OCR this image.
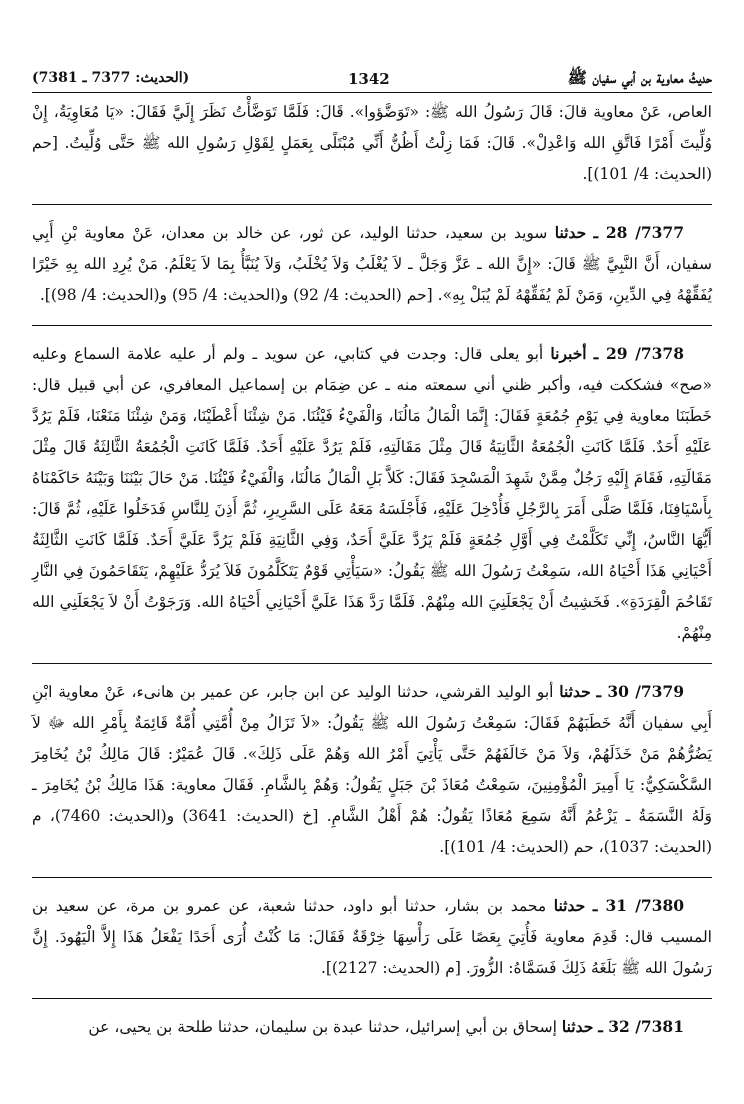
حديثُ معاوية بن أبي سفيان ﷺ
1342
(الحديث: 7377 ـ 7381)

العاص، عَنْ معاوية قالَ: قَالَ رَسُولُ الله ﷺ: «تَوَضَّؤوا». قَالَ: فَلَمَّا تَوَضَّأْتُ نَظَرَ إِلَيَّ فَقَالَ: «يَا مُعَاوِيَةُ، إِنْ وُلِّيتَ أَمْرًا فَاتَّقِ الله وَاعْدِلْ». قَالَ: فَمَا زِلْتُ أَظُنُّ أَنِّي مُبْتَلًى بِعَمَلٍ لِقَوْلِ رَسُولِ الله ﷺ حَتَّى وُلِّيتُ. [حم (الحديث: 4/ 101)].

7377/ 28 ـ حدثنا سويد بن سعيد، حدثنا الوليد، عن ثور، عن خالد بن معدان، عَنْ معاوية بْنِ أَبِي سفيان، أَنَّ النَّبِيَّ ﷺ قَالَ: «إِنَّ الله ـ عَزَّ وَجَلَّ ـ لاَ يُغْلَبُ وَلاَ يُخْلَبُ، وَلاَ يُنَبَّأُ بِمَا لاَ يَعْلَمُ. مَنْ يُرِدِ الله بِهِ خَيْرًا يُفَقِّهْهُ فِي الدِّينِ، وَمَنْ لَمْ يُفَقِّهْهُ لَمْ يُبَلْ بِهِ». [حم (الحديث: 4/ 92) و(الحديث: 4/ 95) و(الحديث: 4/ 98)].

7378/ 29 ـ أخبرنا أبو يعلى قال: وجدت في كتابي، عن سويد ـ ولم أر عليه علامة السماع وعليه «صح» فشككت فيه، وأكبر ظني أني سمعته منه ـ عن ضِمَام بن إسماعيل المعافري، عن أبي قبيل قال: خَطَبَنَا معاوية فِي يَوْمِ جُمُعَةٍ فَقَالَ: إِنَّمَا الْمَالُ مَالُنَا، وَالْفَيْءُ فَيْئُنَا. مَنْ شِئْنَا أَعْطَيْنَا، وَمَنْ شِئْنَا مَنَعْنَا، فَلَمْ يَرُدَّ عَلَيْهِ أَحَدٌ. فَلَمَّا كَانَتِ الْجُمُعَةُ الثَّانِيَةُ قَالَ مِثْلَ مَقَالَتِهِ، فَلَمْ يَرُدَّ عَلَيْهِ أَحَدٌ. فَلَمَّا كَانَتِ الْجُمُعَةُ الثَّالِثَةُ قَالَ مِثْلَ مَقَالَتِهِ، فَقَامَ إِلَيْهِ رَجُلٌ مِمَّنْ شَهِدَ الْمَسْجِدَ فَقَالَ: كَلاَّ بَلِ الْمَالُ مَالُنَا، وَالْفَيْءُ فَيْئُنَا. مَنْ حَالَ بَيْنَنَا وَبَيْنَهُ حَاكَمْنَاهُ بِأَسْيَافِنَا، فَلَمَّا صَلَّى أَمَرَ بِالرَّجُلِ فَأُدْخِلَ عَلَيْهِ، فَأَجْلَسَهُ مَعَهُ عَلَى السَّرِيرِ، ثُمَّ أَذِنَ لِلنَّاسِ فَدَخَلُوا عَلَيْهِ، ثُمَّ قَالَ: أَيُّهَا النَّاسُ، إِنِّي تَكَلَّمْتُ فِي أَوَّلِ جُمُعَةٍ فَلَمْ يَرُدَّ عَلَيَّ أَحَدٌ، وَفِي الثَّانِيَةِ فَلَمْ يَرُدَّ عَلَيَّ أَحَدٌ. فَلَمَّا كَانَتِ الثَّالِثَةُ أَحْيَانِي هَذَا أَحْيَاهُ الله، سَمِعْتُ رَسُولَ الله ﷺ يَقُولُ: «سَيَأْتِي قَوْمٌ يَتَكَلَّمُونَ فَلاَ يُرَدُّ عَلَيْهِمْ، يَتَقَاحَمُونَ فِي النَّارِ تَقَاحُمَ الْقِرَدَةِ». فَخَشِيتُ أَنْ يَجْعَلَنِيَ الله مِنْهُمْ. فَلَمَّا رَدَّ هَذَا عَلَيَّ أَحْيَانِي أَحْيَاهُ الله. وَرَجَوْتُ أَنْ لاَ يَجْعَلَنِي الله مِنْهُمْ.

7379/ 30 ـ حدثنا أبو الوليد القرشي، حدثنا الوليد عن ابن جابر، عن عمير بن هانىء، عَنْ معاوية ابْنِ أَبِي سفيان أَنَّهُ خَطَبَهُمْ فَقَالَ: سَمِعْتُ رَسُولَ الله ﷺ يَقُولُ: «لاَ تَزَالُ مِنْ أُمَّتِي أُمَّةٌ قَائِمَةٌ بِأَمْرِ الله ﷻ لاَ يَضُرُّهُمْ مَنْ خَذَلَهُمْ، وَلاَ مَنْ خَالَفَهُمْ حَتَّى يَأْتِيَ أَمْرُ الله وَهُمْ عَلَى ذَلِكَ». قَالَ عُمَيْرٌ: قَالَ مَالِكُ بْنُ يُخَامِرَ السَّكْسَكِيُّ: يَا أَمِيرَ الْمُؤْمِنِينَ، سَمِعْتُ مُعَاذَ بْنَ جَبَلٍ يَقُولُ: وَهُمْ بِالشَّامِ. فَقَالَ معاوية: هَذَا مَالِكُ بْنُ يُخَامِرَ ـ وَلَهُ النَّسَمَةُ ـ يَزْعُمُ أَنَّهُ سَمِعَ مُعَاذًا يَقُولُ: هُمْ أَهْلُ الشَّامِ. [خ (الحديث: 3641) و(الحديث: 7460)، م (الحديث: 1037)، حم (الحديث: 4/ 101)].

7380/ 31 ـ حدثنا محمد بن بشار، حدثنا أبو داود، حدثنا شعبة، عن عمرو بن مرة، عن سعيد بن المسيب قال: قَدِمَ معاوية فَأُتِيَ بِعَصًا عَلَى رَأْسِهَا خِرْقَةٌ فَقَالَ: مَا كُنْتُ أُرَى أَحَدًا يَفْعَلُ هَذَا إِلاَّ الْيَهُودَ. إِنَّ رَسُولَ الله ﷺ بَلَغَهُ ذَلِكَ فَسَمَّاهُ: الزُّورَ. [م (الحديث: 2127)].

7381/ 32 ـ حدثنا إسحاق بن أبي إسرائيل، حدثنا عبدة بن سليمان، حدثنا طلحة بن يحيى، عن
